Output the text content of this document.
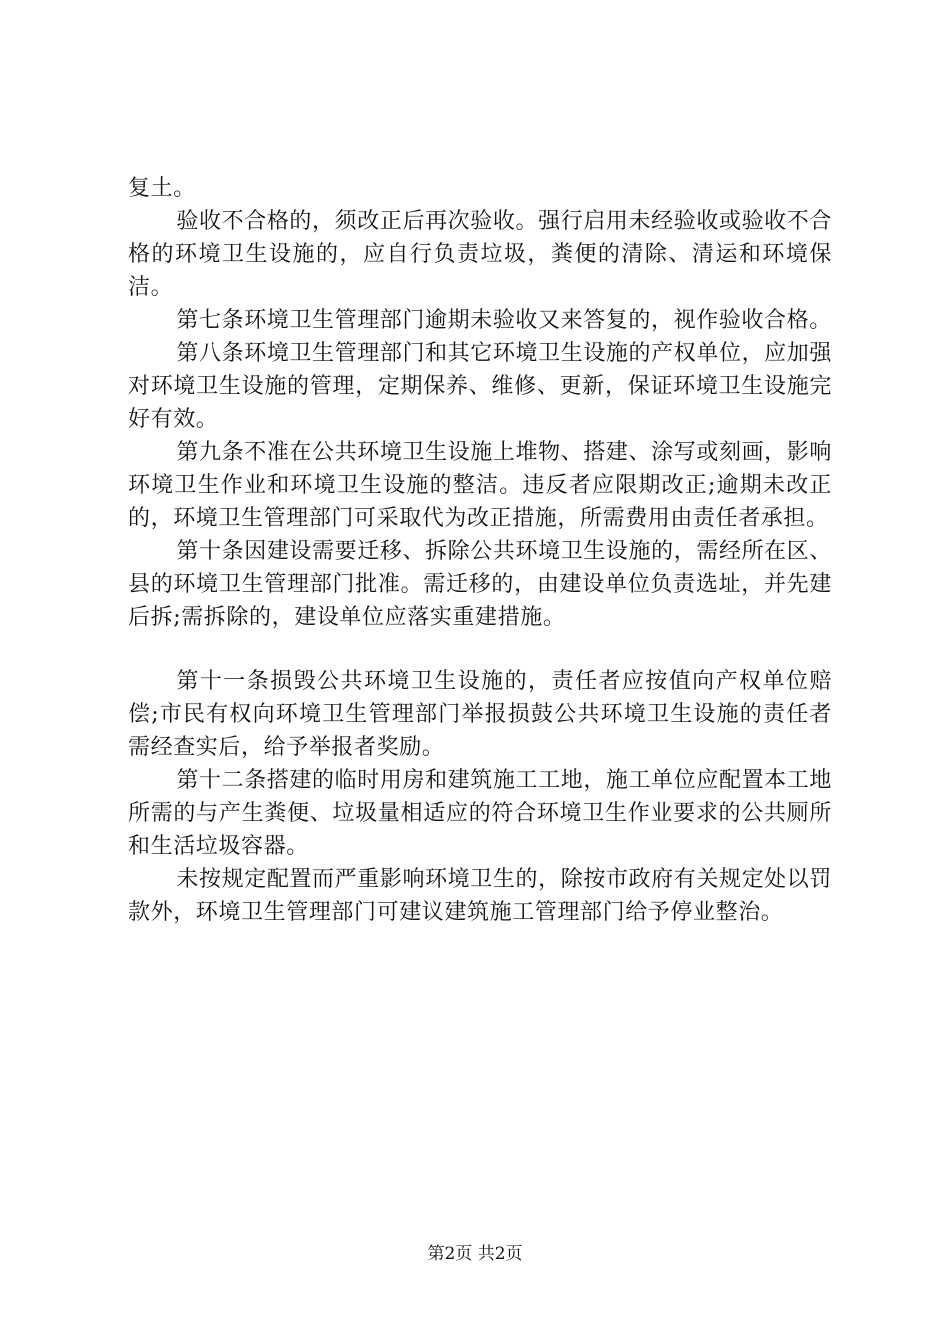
复土。

验收不合格的，须改正后再次验收。强行启用未经验收或验收不合格的环境卫生设施的，应自行负责垃圾，粪便的清除、清运和环境保洁。

第七条环境卫生管理部门逾期未验收又来答复的，视作验收合格。

第八条环境卫生管理部门和其它环境卫生设施的产权单位，应加强对环境卫生设施的管理，定期保养、维修、更新，保证环境卫生设施完好有效。

第九条不准在公共环境卫生设施上堆物、搭建、涂写或刻画，影响环境卫生作业和环境卫生设施的整洁。违反者应限期改正;逾期未改正的，环境卫生管理部门可采取代为改正措施，所需费用由责任者承担。

第十条因建设需要迁移、拆除公共环境卫生设施的，需经所在区、县的环境卫生管理部门批准。需迁移的，由建设单位负责选址，并先建后拆;需拆除的，建设单位应落实重建措施。

第十一条损毁公共环境卫生设施的，责任者应按值向产权单位赔偿;市民有权向环境卫生管理部门举报损鼓公共环境卫生设施的责任者需经查实后，给予举报者奖励。

第十二条搭建的临时用房和建筑施工工地，施工单位应配置本工地所需的与产生粪便、垃圾量相适应的符合环境卫生作业要求的公共厕所和生活垃圾容器。

未按规定配置而严重影响环境卫生的，除按市政府有关规定处以罚款外，环境卫生管理部门可建议建筑施工管理部门给予停业整治。

第2页 共2页
